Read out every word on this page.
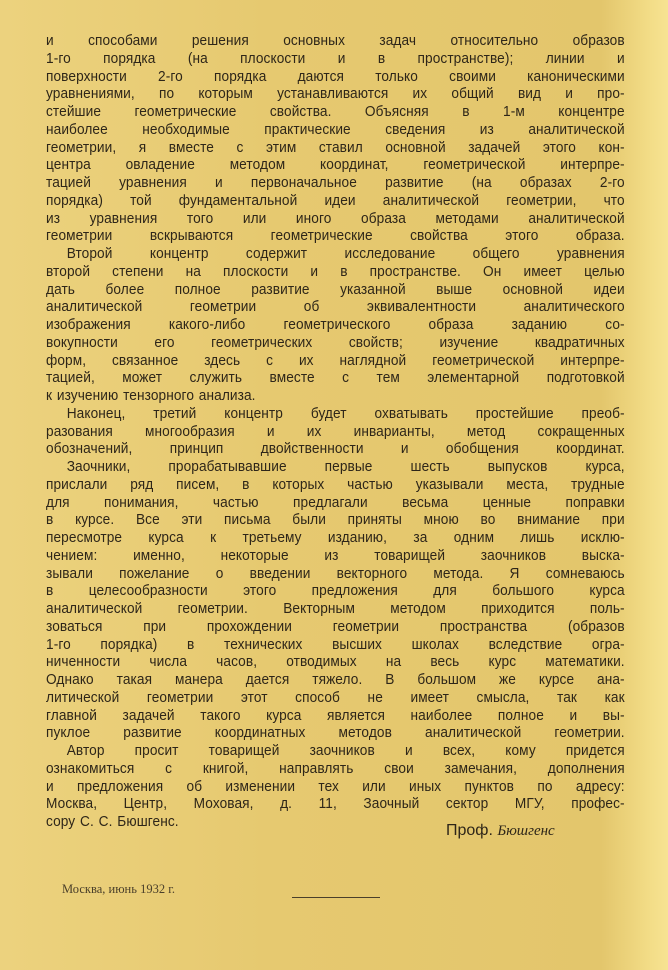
и способами решения основных задач относительно образов
1-го порядка (на плоскости и в пространстве); линии и
поверхности 2-го порядка даются только своими каноническими
уравнениями, по которым устанавливаются их общий вид и про-
стейшие геометрические свойства. Объясняя в 1-м концентре
наиболее необходимые практические сведения из аналитической
геометрии, я вместе с этим ставил основной задачей этого кон-
центра овладение методом координат, геометрической интерпре-
тацией уравнения и первоначальное развитие (на образах 2-го
порядка) той фундаментальной идеи аналитической геометрии, что
из уравнения того или иного образа методами аналитической
геометрии вскрываются геометрические свойства этого образа.
Второй концентр содержит исследование общего уравнения
второй степени на плоскости и в пространстве. Он имеет целью
дать более полное развитие указанной выше основной идеи
аналитической геометрии об эквивалентности аналитического
изображения какого-либо геометрического образа заданию со-
вокупности его геометрических свойств; изучение квадратичных
форм, связанное здесь с их наглядной геометрической интерпре-
тацией, может служить вместе с тем элементарной подготовкой
к изучению тензорного анализа.
Наконец, третий концентр будет охватывать простейшие преоб-
разования многообразия и их инварианты, метод сокращенных
обозначений, принцип двойственности и обобщения координат.
Заочники, прорабатывавшие первые шесть выпусков курса,
прислали ряд писем, в которых частью указывали места, трудные
для понимания, частью предлагали весьма ценные поправки
в курсе. Все эти письма были приняты мною во внимание при
пересмотре курса к третьему изданию, за одним лишь исклю-
чением: именно, некоторые из товарищей заочников выска-
зывали пожелание о введении векторного метода. Я сомневаюсь
в целесообразности этого предложения для большого курса
аналитической геометрии. Векторным методом приходится поль-
зоваться при прохождении геометрии пространства (образов
1-го порядка) в технических высших школах вследствие огра-
ниченности числа часов, отводимых на весь курс математики.
Однако такая манера дается тяжело. В большом же курсе ана-
литической геометрии этот способ не имеет смысла, так как
главной задачей такого курса является наиболее полное и вы-
пуклое развитие координатных методов аналитической геометрии.
Автор просит товарищей заочников и всех, кому придется
ознакомиться с книгой, направлять свои замечания, дополнения
и предложения об изменении тех или иных пунктов по адресу:
Москва, Центр, Моховая, д. 11, Заочный сектор МГУ, профес-
сору С. С. Бюшгенс.
Проф. Бюшгенс
Москва, июнь 1932 г.
